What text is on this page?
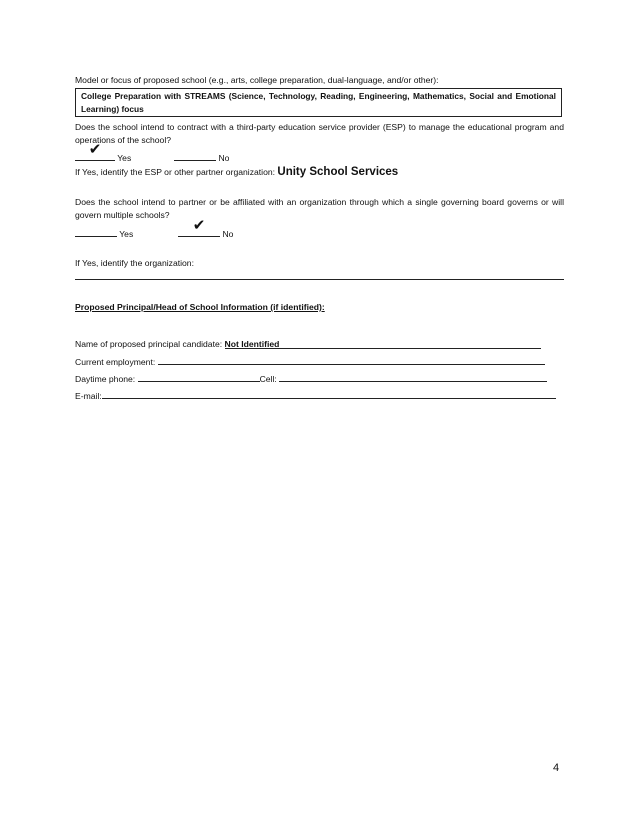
Model or focus of proposed school (e.g., arts, college preparation, dual-language, and/or other):
College Preparation with STREAMS (Science, Technology, Reading, Engineering, Mathematics, Social and Emotional Learning) focus
Does the school intend to contract with a third-party education service provider (ESP) to manage the educational program and operations of the school?
✔ Yes	No
If Yes, identify the ESP or other partner organization: Unity School Services
Does the school intend to partner or be affiliated with an organization through which a single governing board governs or will govern multiple schools?
Yes	✔ No
If Yes, identify the organization:
Proposed Principal/Head of School Information (if identified):
Name of proposed principal candidate: Not Identified
Current employment:
Daytime phone:	Cell:
E-mail:
4
